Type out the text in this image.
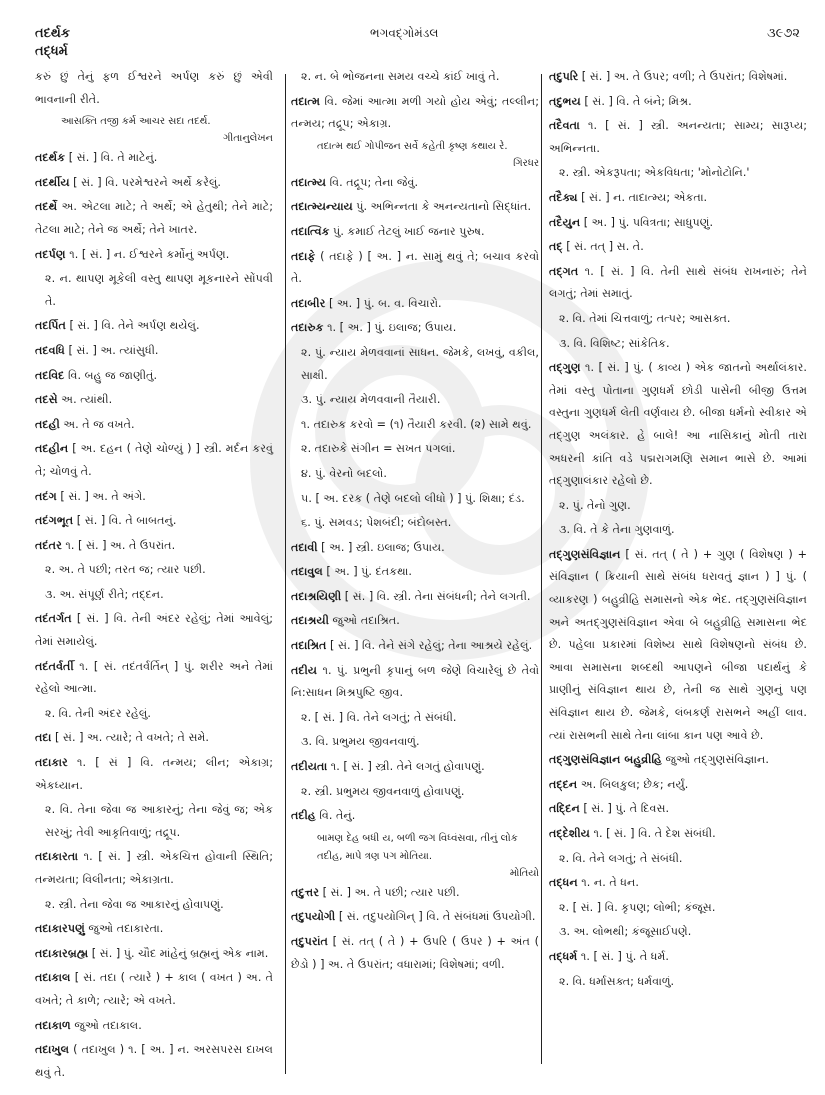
તદર્થક
તદ્ધર્મ
ભગવદ્ગોમંડલ	૩૯૭૨
કરું છું તેનું ફળ ઈશ્વરને અર્પણ કરું છું એવી ભાવનાની રીતે.
આસક્તિ તજી કર્મ આચર સદા તદર્થ.
ગીતાનુલેખન
તદર્થક [ સં. ] વિ. તે માટેનું.
તદર્થીય [ સં. ] વિ. પરમેશ્વરને અર્થે કરેલું.
તદર્થે અ. એટલા માટે; તે અર્થે; એ હેતુથી; તેને માટે; તેટલા માટે; તેને જ અર્થે; તેને ખાતર.
તદર્પણ ૧. [ સં. ] ન. ઈશ્વરને કર્મોનું અર્પણ.
૨. ન. થાપણ મૂકેલી વસ્તુ થાપણ મૂકનારને સોંપવી તે.
તદર્પિત [ સં. ] વિ. તેને અર્પણ થયેલું.
તદવધિ [ સં. ] અ. ત્યાંસુધી.
તદવિદ વિ. બહુ જ જાણીતું.
તદસે અ. ત્યાંથી.
તદહી અ. તે જ વખતે.
તદહીન [ અ. દહન ( તેણે ચોળ્યું ) ] સ્ત્રી. મર્દન કરવું તે; ચોળવું તે.
તદંગ [ સં. ] અ. તે અંગે.
તદંગભૂત [ સં. ] વિ. તે બાબતનું.
તદંતર ૧. [ સં. ] અ. તે ઉપરાંત.
૨. અ. તે પછી; તરત જ; ત્યાર પછી.
૩. અ. સંપૂર્ણ રીતે; તદ્દન.
તદંતર્ગત [ સં. ] વિ. તેની અંદર રહેલું; તેમાં આવેલું; તેમાં સમાયેલું.
તદંતર્વર્તી ૧. [ સં. તદંતર્વર્તિન્ ] પું. શરીર અને તેમાં રહેલો આત્મા.
૨. વિ. તેની અંદર રહેલું.
તદા [ સં. ] અ. ત્યારે; તે વખતે; તે સમે.
તદાકાર ૧. [ સં ] વિ. તન્મય; લીન; એકાગ્ર; એકધ્યાન.
૨. વિ. તેના જેવા જ આકારનું; તેના જેવું જ; એક સરખું; તેવી આકૃતિવાળું; તદ્રૂપ.
તદાકારતા ૧. [ સં. ] સ્ત્રી. એકચિત્ત હોવાની સ્થિતિ; તન્મયતા; વિલીનતા; એકાગ્રતા.
૨. સ્ત્રી. તેના જેવા જ આકારનું હોવાપણું.
તદાકારપણું જુઓ તદાકારતા.
તદાકારબ્રહ્મ [ સં. ] પું. ચૌદ માંહેનું બ્રહ્મનું એક નામ.
તદાકાલ [ સં. તદા ( ત્યારે ) + કાલ ( વખત ) અ. તે વખતે; તે કાળે; ત્યારે; એ વખતે.
તદાકાળ જુઓ તદાકાલ.
તદાખુલ ( તદાખુલ ) ૧. [ અ. ] ન. અરસપરસ દાખલ થવું તે.
૨. ન. બે ભોજનના સમય વચ્ચે કાંઈ ખાવું તે.
તદાત્મ વિ. જેમાં આત્મા મળી ગયો હોય એવું; તલ્લીન; તન્મય; તદ્રૂપ; એકાગ્ર.
તદાત્મ થઈ ગોપીજન સર્વે કહેતી કૃષ્ણ કથાય રે.
ગિરધર
તદાત્મ્ય વિ. તદ્રૂપ; તેના જેવું.
તદાત્મ્યન્યાય પું. અભિન્નતા કે અનન્યતાનો સિદ્ધાંત.
તદાત્વિક પું. કમાઈ તેટલું ખાઈ જનાર પુરુષ.
તદાફે ( તદાફે ) [ અ. ] ન. સામું થવું તે; બચાવ કરવો તે.
તદાબીર [ અ. ] પું. બ. વ. વિચારો.
તદારુક ૧. [ અ. ] પું. ઇલાજ; ઉપાય.
૨. પું. ન્યાય મેળવવાનાં સાધન. જેમકે, લખવું, વકીલ, સાક્ષી.
૩. પું. ન્યાય મેળવવાની તૈયારી.
૧. તદારુક કરવો = (૧) તૈયારી કરવી. (૨) સામે થવું.
૨. તદારુકે સંગીન = સખત પગલાં.
૪. પું. વેરનો બદલો.
૫. [ અ. દરક ( તેણે બદલો લીધો ) ] પું. શિક્ષા; દંડ.
૬. પું. સમવડ; પેશબંદી; બંદોબસ્ત.
તદાવી [ અ. ] સ્ત્રી. ઇલાજ; ઉપાય.
તદાવુલ [ અ. ] પું. દંતકથા.
તદાશ્રયિણી [ સં. ] વિ. સ્ત્રી. તેના સંબંધની; તેને લગતી.
તદાશ્રયી જુઓ તદાશ્રિત.
તદાશ્રિત [ સં. ] વિ. તેને સંગે રહેલું; તેના આશ્રયે રહેલું.
તદીય ૧. પું. પ્રભુની કૃપાનું બળ જેણે વિચારેલું છે તેવો નિ:સાધન મિશ્રપુષ્ટિ જીવ.
૨. [ સં. ] વિ. તેને લગતું; તે સંબંધી.
૩. વિ. પ્રભુમય જીવનવાળું.
તદીયતા ૧. [ સં. ] સ્ત્રી. તેને લગતું હોવાપણું.
૨. સ્ત્રી. પ્રભુમય જીવનવાળું હોવાપણું.
તદીહ વિ. તેનું.
બામણ દેહ બધી ય, બળી જગ વિધ્વંસવા, તીનું લોક તદીહ, માપે ત્રણ પગ મોતિયા.
મોતિયો
તદુત્તર [ સં. ] અ. તે પછી; ત્યાર પછી.
તદુપયોગી [ સં. તદુપયોગિન્ ] વિ. તે સંબંધમાં ઉપયોગી.
તદુપરાંત [ સં. તત્ ( તે ) + ઉપરિ ( ઉપર ) + અંત ( છેડો ) ] અ. તે ઉપરાંત; વધારામાં; વિશેષમાં; વળી.
તદુપરિ [ સં. ] અ. તે ઉપર; વળી; તે ઉપરાંત; વિશેષમાં.
તદુભય [ સં. ] વિ. તે બંને; મિશ્ર.
તદૈવતા ૧. [ સં. ] સ્ત્રી. અનન્યતા; સામ્ય; સારૂપ્ય; અભિન્નતા.
૨. સ્ત્રી. એકરૂપતા; એકવિધતા; 'મોનોટોનિ.'
તદૈક્ય [ સં. ] ન. તાદાત્મ્ય; એકતા.
તદૈયુન [ અ. ] પું. પવિત્રતા; સાધુપણું.
તદ્ [ સં. તત્ ] સ. તે.
તદ્ગત ૧. [ સં. ] વિ. તેની સાથે સંબંધ રાખનારું; તેને લગતું; તેમાં સમાતું.
૨. વિ. તેમાં ચિત્તવાળું; તત્પર; આસક્ત.
૩. વિ. વિશિષ્ટ; સાંકેતિક.
તદ્ગુણ ૧. [ સં. ] પું. ( કાવ્ય ) એક જાતનો અર્થાલંકાર. તેમાં વસ્તુ પોતાના ગુણધર્મ છોડી પાસેની બીજી ઉત્તમ વસ્તુના ગુણધર્મ લેતી વર્ણવાય છે. બીજા ધર્મનો સ્વીકાર એ તદ્ગુણ અલંકાર. હે બાલે! આ નાસિકાનું મોતી તારા અધરની કાંતિ વડે પદ્મરાગમણિ સમાન ભાસે છે. આમાં તદ્ગુણાલંકાર રહેલો છે.
૨. પું. તેનો ગુણ.
૩. વિ. તે કે તેના ગુણવાળું.
તદ્ગુણસંવિજ્ઞાન [ સં. તત્ ( તે ) + ગુણ ( વિશેષણ ) + સંવિજ્ઞાન ( ક્રિયાની સાથે સંબંધ ધરાવતું જ્ઞાન ) ] પું. ( વ્યાકરણ ) બહુવ્રીહિ સમાસનો એક ભેદ. તદ્ગુણસંવિજ્ઞાન અને અતદ્ગુણસંવિજ્ઞાન એવા બે બહુવ્રીહિ સમાસના ભેદ છે. પહેલા પ્રકારમાં વિશેષ્ય સાથે વિશેષણનો સંબંધ છે. આવા સમાસના શબ્દથી આપણને બીજા પદાર્થનું કે પ્રાણીનું સંવિજ્ઞાન થાય છે, તેની જ સાથે ગુણનું પણ સંવિજ્ઞાન થાય છે. જેમકે, લંબકર્ણ રાસભને અહીં લાવ. ત્યાં રાસભની સાથે તેના લાંબા કાન પણ આવે છે.
તદ્ગુણસંવિજ્ઞાન બહુવ્રીહિ જુઓ તદ્ગુણસંવિજ્ઞાન.
તદ્દન અ. બિલકુલ; છેક; નર્યું.
તદ્દિન [ સં. ] પું. તે દિવસ.
તદ્દેશીય ૧. [ સં. ] વિ. તે દેશ સંબંધી.
૨. વિ. તેને લગતું; તે સંબંધી.
તદ્ધન ૧. ન. તે ધન.
૨. [ સં. ] વિ. કૃપણ; લોભી; કંજૂસ.
૩. અ. લોભથી; કંજૂસાઈપણે.
તદ્ધર્મ ૧. [ સં. ] પું. તે ધર્મ.
૨. વિ. ધર્માસક્ત; ધર્મવાળું.
